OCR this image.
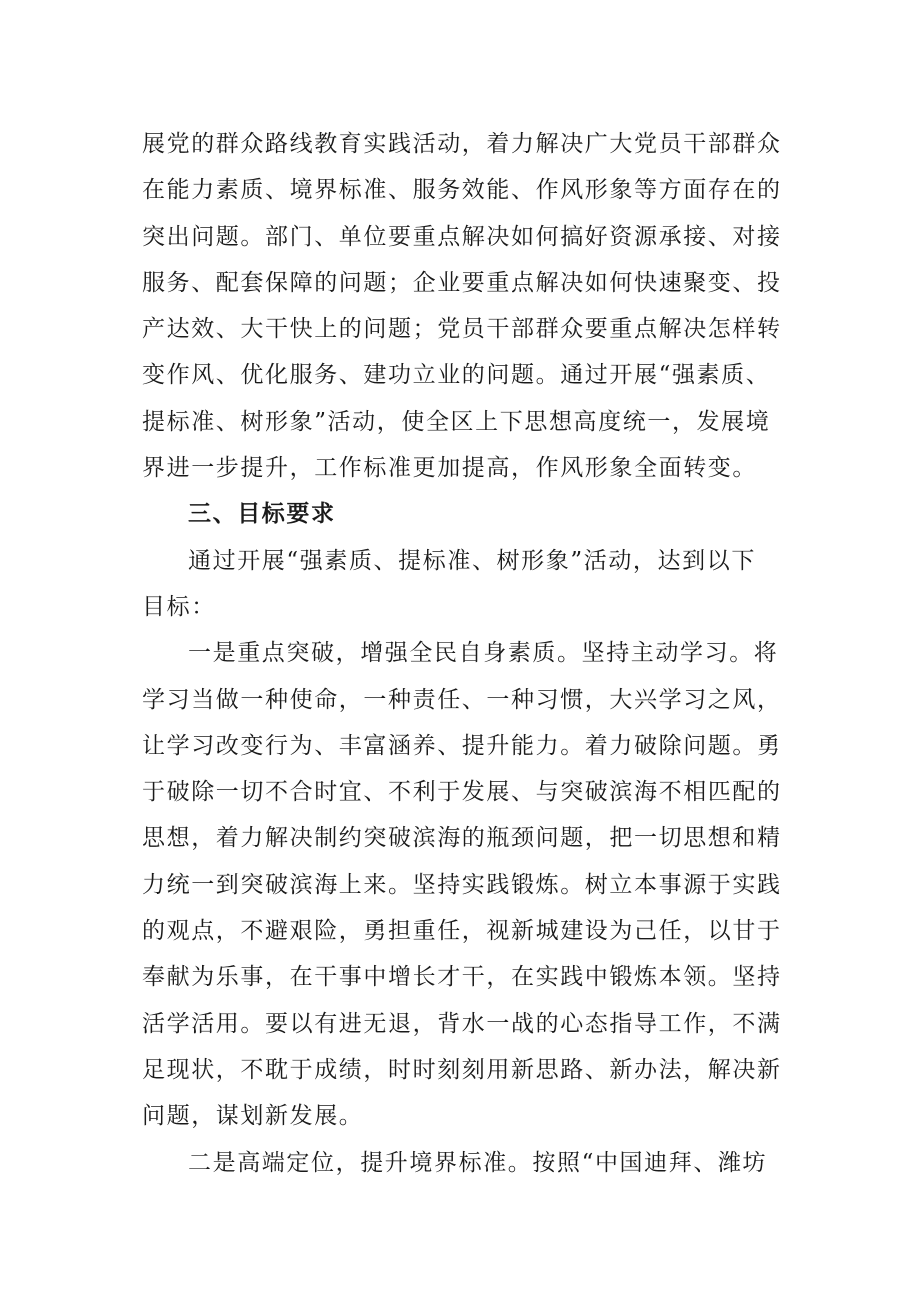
展党的群众路线教育实践活动，着力解决广大党员干部群众
在能力素质、境界标准、服务效能、作风形象等方面存在的
突出问题。部门、单位要重点解决如何搞好资源承接、对接
服务、配套保障的问题；企业要重点解决如何快速聚变、投
产达效、大干快上的问题；党员干部群众要重点解决怎样转
变作风、优化服务、建功立业的问题。通过开展“强素质、
提标准、树形象”活动，使全区上下思想高度统一，发展境
界进一步提升，工作标准更加提高，作风形象全面转变。
三、目标要求
通过开展“强素质、提标准、树形象”活动，达到以下
目标：
一是重点突破，增强全民自身素质。坚持主动学习。将
学习当做一种使命，一种责任、一种习惯，大兴学习之风，
让学习改变行为、丰富涵养、提升能力。着力破除问题。勇
于破除一切不合时宜、不利于发展、与突破滨海不相匹配的
思想，着力解决制约突破滨海的瓶颈问题，把一切思想和精
力统一到突破滨海上来。坚持实践锻炼。树立本事源于实践
的观点，不避艰险，勇担重任，视新城建设为己任，以甘于
奉献为乐事，在干事中增长才干，在实践中锻炼本领。坚持
活学活用。要以有进无退，背水一战的心态指导工作，不满
足现状，不耽于成绩，时时刻刻用新思路、新办法，解决新
问题，谋划新发展。
二是高端定位，提升境界标准。按照“中国迪拜、潍坊
